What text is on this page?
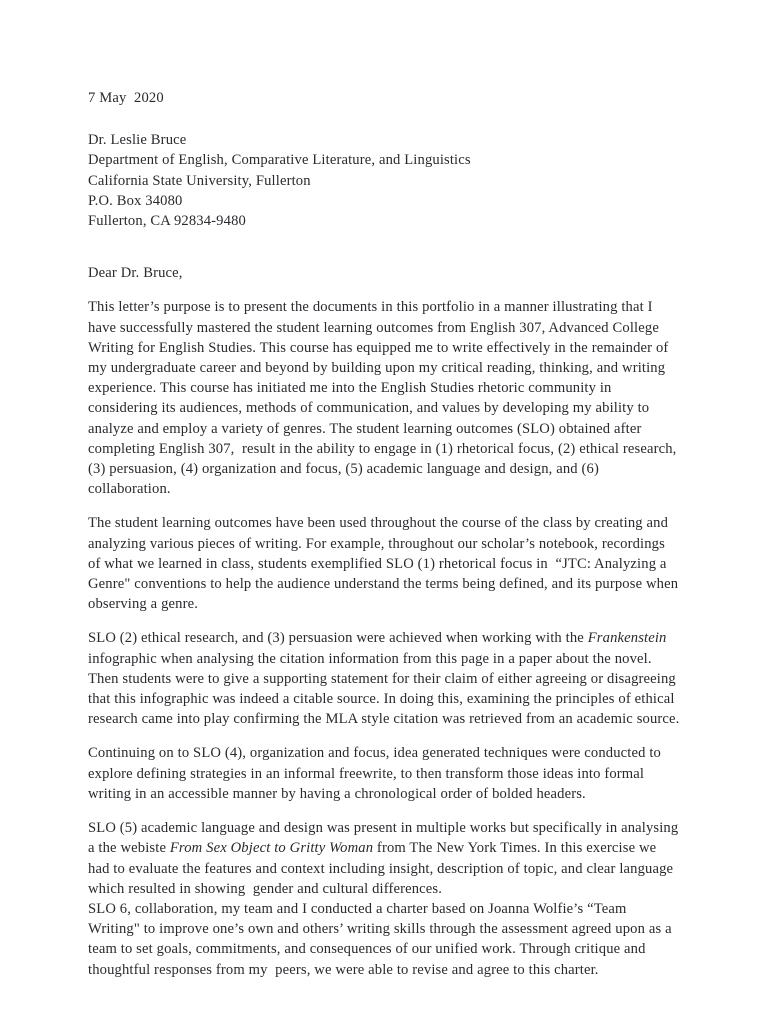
7 May  2020

Dr. Leslie Bruce

Department of English, Comparative Literature, and Linguistics

California State University, Fullerton

P.O. Box 34080

Fullerton, CA 92834-9480

Dear Dr. Bruce,

This letter’s purpose is to present the documents in this portfolio in a manner illustrating that I have successfully mastered the student learning outcomes from English 307, Advanced College Writing for English Studies. This course has equipped me to write effectively in the remainder of my undergraduate career and beyond by building upon my critical reading, thinking, and writing experience. This course has initiated me into the English Studies rhetoric community in considering its audiences, methods of communication, and values by developing my ability to analyze and employ a variety of genres. The student learning outcomes (SLO) obtained after completing English 307,  result in the ability to engage in (1) rhetorical focus, (2) ethical research, (3) persuasion, (4) organization and focus, (5) academic language and design, and (6) collaboration.

The student learning outcomes have been used throughout the course of the class by creating and analyzing various pieces of writing. For example, throughout our scholar’s notebook, recordings of what we learned in class, students exemplified SLO (1) rhetorical focus in  “JTC: Analyzing a Genre" conventions to help the audience understand the terms being defined, and its purpose when observing a genre.

SLO (2) ethical research, and (3) persuasion were achieved when working with the Frankenstein infographic when analysing the citation information from this page in a paper about the novel. Then students were to give a supporting statement for their claim of either agreeing or disagreeing that this infographic was indeed a citable source. In doing this, examining the principles of ethical research came into play confirming the MLA style citation was retrieved from an academic source.

Continuing on to SLO (4), organization and focus, idea generated techniques were conducted to explore defining strategies in an informal freewrite, to then transform those ideas into formal writing in an accessible manner by having a chronological order of bolded headers.

SLO (5) academic language and design was present in multiple works but specifically in analysing a the webiste From Sex Object to Gritty Woman from The New York Times. In this exercise we had to evaluate the features and context including insight, description of topic, and clear language which resulted in showing  gender and cultural differences.

SLO 6, collaboration, my team and I conducted a charter based on Joanna Wolfie’s “Team Writing" to improve one’s own and others’ writing skills through the assessment agreed upon as a team to set goals, commitments, and consequences of our unified work. Through critique and thoughtful responses from my  peers, we were able to revise and agree to this charter.
